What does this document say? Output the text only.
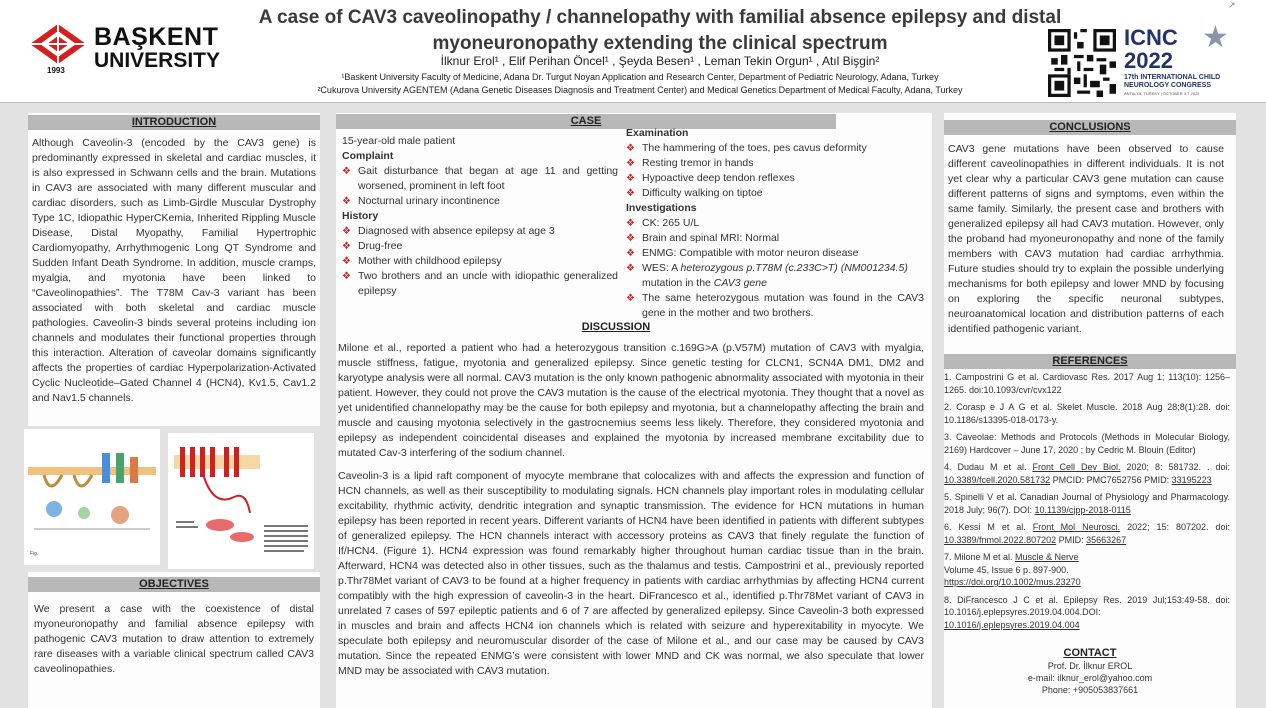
BAŞKENT
UNIVERSITY
1993
A case of CAV3 caveolinopathy / channelopathy with familial absence epilepsy and distal
myoneuronopathy extending the clinical spectrum
İlknur Erol¹ , Elif Perihan Öncel¹ , Şeyda Besen¹ , Leman Tekin Orgun¹ , Atıl Bişgin²
¹Baskent University Faculty of Medicine, Adana Dr. Turgut Noyan Application and Research Center, Department of Pediatric Neurology, Adana, Turkey
²Cukurova University AGENTEM (Adana Genetic Diseases Diagnosis and Treatment Center) and Medical Genetics Department of Medical Faculty, Adana, Turkey
★
ICNC
2022
17th INTERNATIONAL CHILD
NEUROLOGY CONGRESS
ANTALYA, TURKEY | OCTOBER 3-7 2022
↗
INTRODUCTION
Although Caveolin-3 (encoded by the CAV3 gene) is predominantly expressed in skeletal and cardiac muscles, it is also expressed in Schwann cells and the brain. Mutations in CAV3 are associated with many different muscular and cardiac disorders, such as Limb-Girdle Muscular Dystrophy Type 1C, Idiopathic HyperCKemia, Inherited Rippling Muscle Disease, Distal Myopathy, Familial Hypertrophic Cardiomyopathy, Arrhythmogenic Long QT Syndrome and Sudden Infant Death Syndrome. In addition, muscle cramps, myalgia, and myotonia have been linked to “Caveolinopathies”. The T78M Cav-3 variant has been associated with both skeletal and cardiac muscle pathologies. Caveolin-3 binds several proteins including ion channels and modulates their functional properties through this interaction. Alteration of caveolar domains significantly affects the properties of cardiac Hyperpolarization-Activated Cyclic Nucleotide–Gated Channel 4 (HCN4), Kv1.5, Cav1.2 and Nav1.5 channels.
Fig.
OBJECTIVES
We present a case with the coexistence of distal myoneuronopathy and familial absence epilepsy with pathogenic CAV3 mutation to draw attention to extremely rare diseases with a variable clinical spectrum called CAV3 caveolinopathies.
CASE
15-year-old male patient
Complaint
❖ Gait disturbance that began at age 11 and getting worsened, prominent in left foot
❖ Nocturnal urinary incontinence
History
❖ Diagnosed with absence epilepsy at age 3
❖ Drug-free
❖ Mother with childhood epilepsy
❖ Two brothers and an uncle with idiopathic generalized epilepsy
Examination
❖ The hammering of the toes, pes cavus deformity
❖ Resting tremor in hands
❖ Hypoactive deep tendon reflexes
❖ Difficulty walking on tiptoe
Investigations
❖ CK: 265 U/L
❖ Brain and spinal MRI: Normal
❖ ENMG: Compatible with motor neuron disease
❖ WES: A heterozygous p.T78M (c.233C>T) (NM001234.5) mutation in the CAV3 gene
❖ The same heterozygous mutation was found in the CAV3 gene in the mother and two brothers.
DISCUSSION

Milone et al., reported a patient who had a heterozygous transition c.169G>A (p.V57M) mutation of CAV3 with myalgia, muscle stiffness, fatigue, myotonia and generalized epilepsy. Since genetic testing for CLCN1, SCN4A DM1, DM2 and karyotype analysis were all normal. CAV3 mutation is the only known pathogenic abnormality associated with myotonia in their patient. However, they could not prove the CAV3 mutation is the cause of the electrical myotonia. They thought that a novel as yet unidentified channelopathy may be the cause for both epilepsy and myotonia, but a channelopathy affecting the brain and muscle and causing myotonia selectively in the gastrocnemius seems less likely. Therefore, they considered myotonia and epilepsy as independent coincidental diseases and explained the myotonia by increased membrane excitability due to mutated Cav-3 interfering of the sodium channel.

Caveolin-3 is a lipid raft component of myocyte membrane that colocalizes with and affects the expression and function of HCN channels, as well as their susceptibility to modulating signals. HCN channels play important roles in modulating cellular excitability, rhythmic activity, dendritic integration and synaptic transmission. The evidence for HCN mutations in human epilepsy has been reported in recent years. Different variants of HCN4 have been identified in patients with different subtypes of generalized epilepsy. The HCN channels interact with accessory proteins as CAV3 that finely regulate the function of If/HCN4. (Figure 1). HCN4 expression was found remarkably higher throughout human cardiac tissue than in the brain. Afterward, HCN4 was detected also in other tissues, such as the thalamus and testis. Campostrini et al., previously reported p.Thr78Met variant of CAV3 to be found at a higher frequency in patients with cardiac arrhythmias by affecting HCN4 current compatibly with the high expression of caveolin-3 in the heart. DiFrancesco et al., identified p.Thr78Met variant of CAV3 in unrelated 7 cases of 597 epileptic patients and 6 of 7 are affected by generalized epilepsy. Since Caveolin-3 both expressed in muscles and brain and affects HCN4 ion channels which is related with seizure and hyperexitability in myocyte. We speculate both epilepsy and neuromuscular disorder of the case of Milone et al., and our case may be caused by CAV3 mutation. Since the repeated ENMG’s were consistent with lower MND and CK was normal, we also speculate that lower MND may be associated with CAV3 mutation.

CONCLUSIONS
CAV3 gene mutations have been observed to cause different caveolinopathies in different individuals. It is not yet clear why a particular CAV3 gene mutation can cause different patterns of signs and symptoms, even within the same family. Similarly, the present case and brothers with generalized epilepsy all had CAV3 mutation. However, only the proband had myoneuronopathy and none of the family members with CAV3 mutation had cardiac arrhythmia. Future studies should try to explain the possible underlying mechanisms for both epilepsy and lower MND by focusing on exploring the specific neuronal subtypes, neuroanatomical location and distribution patterns of each identified pathogenic variant.
REFERENCES
1. Campostrini G et al. Cardiovasc Res. 2017 Aug 1; 113(10): 1256–1265. doi:10.1093/cvr/cvx122
2. Corasp e J A G et al. Skelet Muscle. 2018 Aug 28;8(1):28. doi: 10.1186/s13395-018-0173-y.
3. Caveolae: Methods and Protocols (Methods in Molecular Biology, 2169) Hardcover – June 17, 2020 ; by Cedric M. Blouin (Editor)
4. Dudau M et al. Front Cell Dev Biol. 2020; 8: 581732. . doi: 10.3389/fcell.2020.581732 PMCID: PMC7652756 PMID: 33195223
5. Spinelli V et al. Canadian Journal of Physiology and Pharmacology. 2018 July; 96(7). DOI: 10.1139/cjpp-2018-0115
6. Kessi M et al. Front Mol Neurosci. 2022; 15: 807202. doi: 10.3389/fnmol.2022.807202 PMID: 35663267
7. Milone M et al. Muscle & Nerve
Volume 45, Issue 6 p. 897-900.
https://doi.org/10.1002/mus.23270
8. DiFrancesco J C et al. Epilepsy Res. 2019 Jul;153:49-58. doi: 10.1016/j.eplepsyres.2019.04.004.DOI: 10.1016/j.eplepsyres.2019.04.004
CONTACT
Prof. Dr. İlknur EROL
e-mail: ilknur_erol@yahoo.com
Phone: +905053837661
